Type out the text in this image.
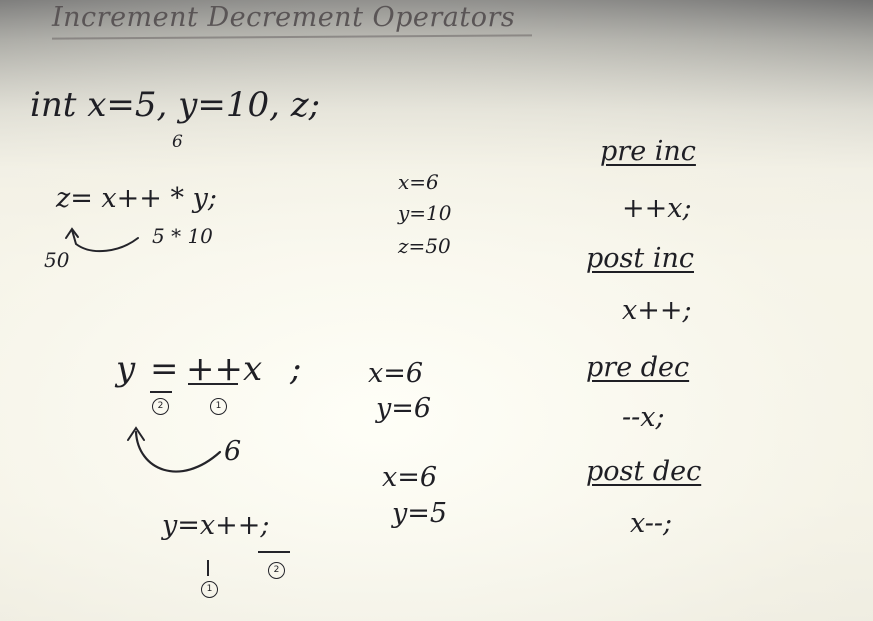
Increment Decrement Operators
int x=5, y=10, z;
6
z= x++ * y;
5 * 10
50
x=6
y=10
z=50
y = ++x ;
2	1
6
x=6
y=6
y=x++;
1
2
x=6
y=5
pre inc
++x;
post inc
x++;
pre dec
--x;
post dec
x--;
